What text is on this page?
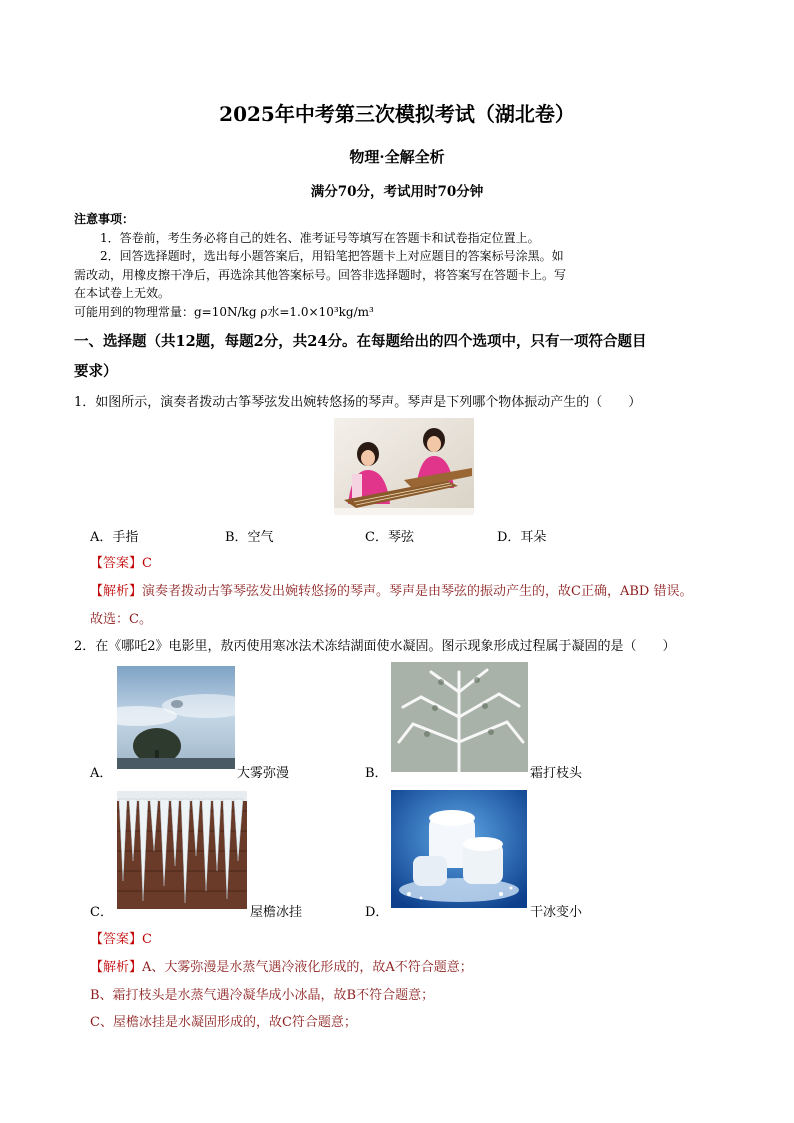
2025年中考第三次模拟考试（湖北卷）
物理·全解全析
满分70分，考试用时70分钟
注意事项：
1．答卷前，考生务必将自己的姓名、准考证号等填写在答题卡和试卷指定位置上。
2．回答选择题时，选出每小题答案后，用铅笔把答题卡上对应题目的答案标号涂黑。如
需改动，用橡皮擦干净后，再选涂其他答案标号。回答非选择题时，将答案写在答题卡上。写
在本试卷上无效。
可能用到的物理常量：g=10N/kg ρ水=1.0×10³kg/m³
一、选择题（共12题，每题2分，共24分。在每题给出的四个选项中，只有一项符合题目
要求）
1．如图所示，演奏者拨动古筝琴弦发出婉转悠扬的琴声。琴声是下列哪个物体振动产生的（　　）
A．手指	B．空气	C．琴弦	D．耳朵
【答案】C
【解析】演奏者拨动古筝琴弦发出婉转悠扬的琴声。琴声是由琴弦的振动产生的，故C正确，ABD 错误。
故选：C。
2．在《哪吒2》电影里，敖丙使用寒冰法术冻结湖面使水凝固。图示现象形成过程属于凝固的是（　　）
A．	大雾弥漫	B．	霜打枝头
C．	屋檐冰挂	D．	干冰变小
【答案】C
【解析】A、大雾弥漫是水蒸气遇冷液化形成的，故A不符合题意；
B、霜打枝头是水蒸气遇冷凝华成小冰晶，故B不符合题意；
C、屋檐冰挂是水凝固形成的，故C符合题意；
